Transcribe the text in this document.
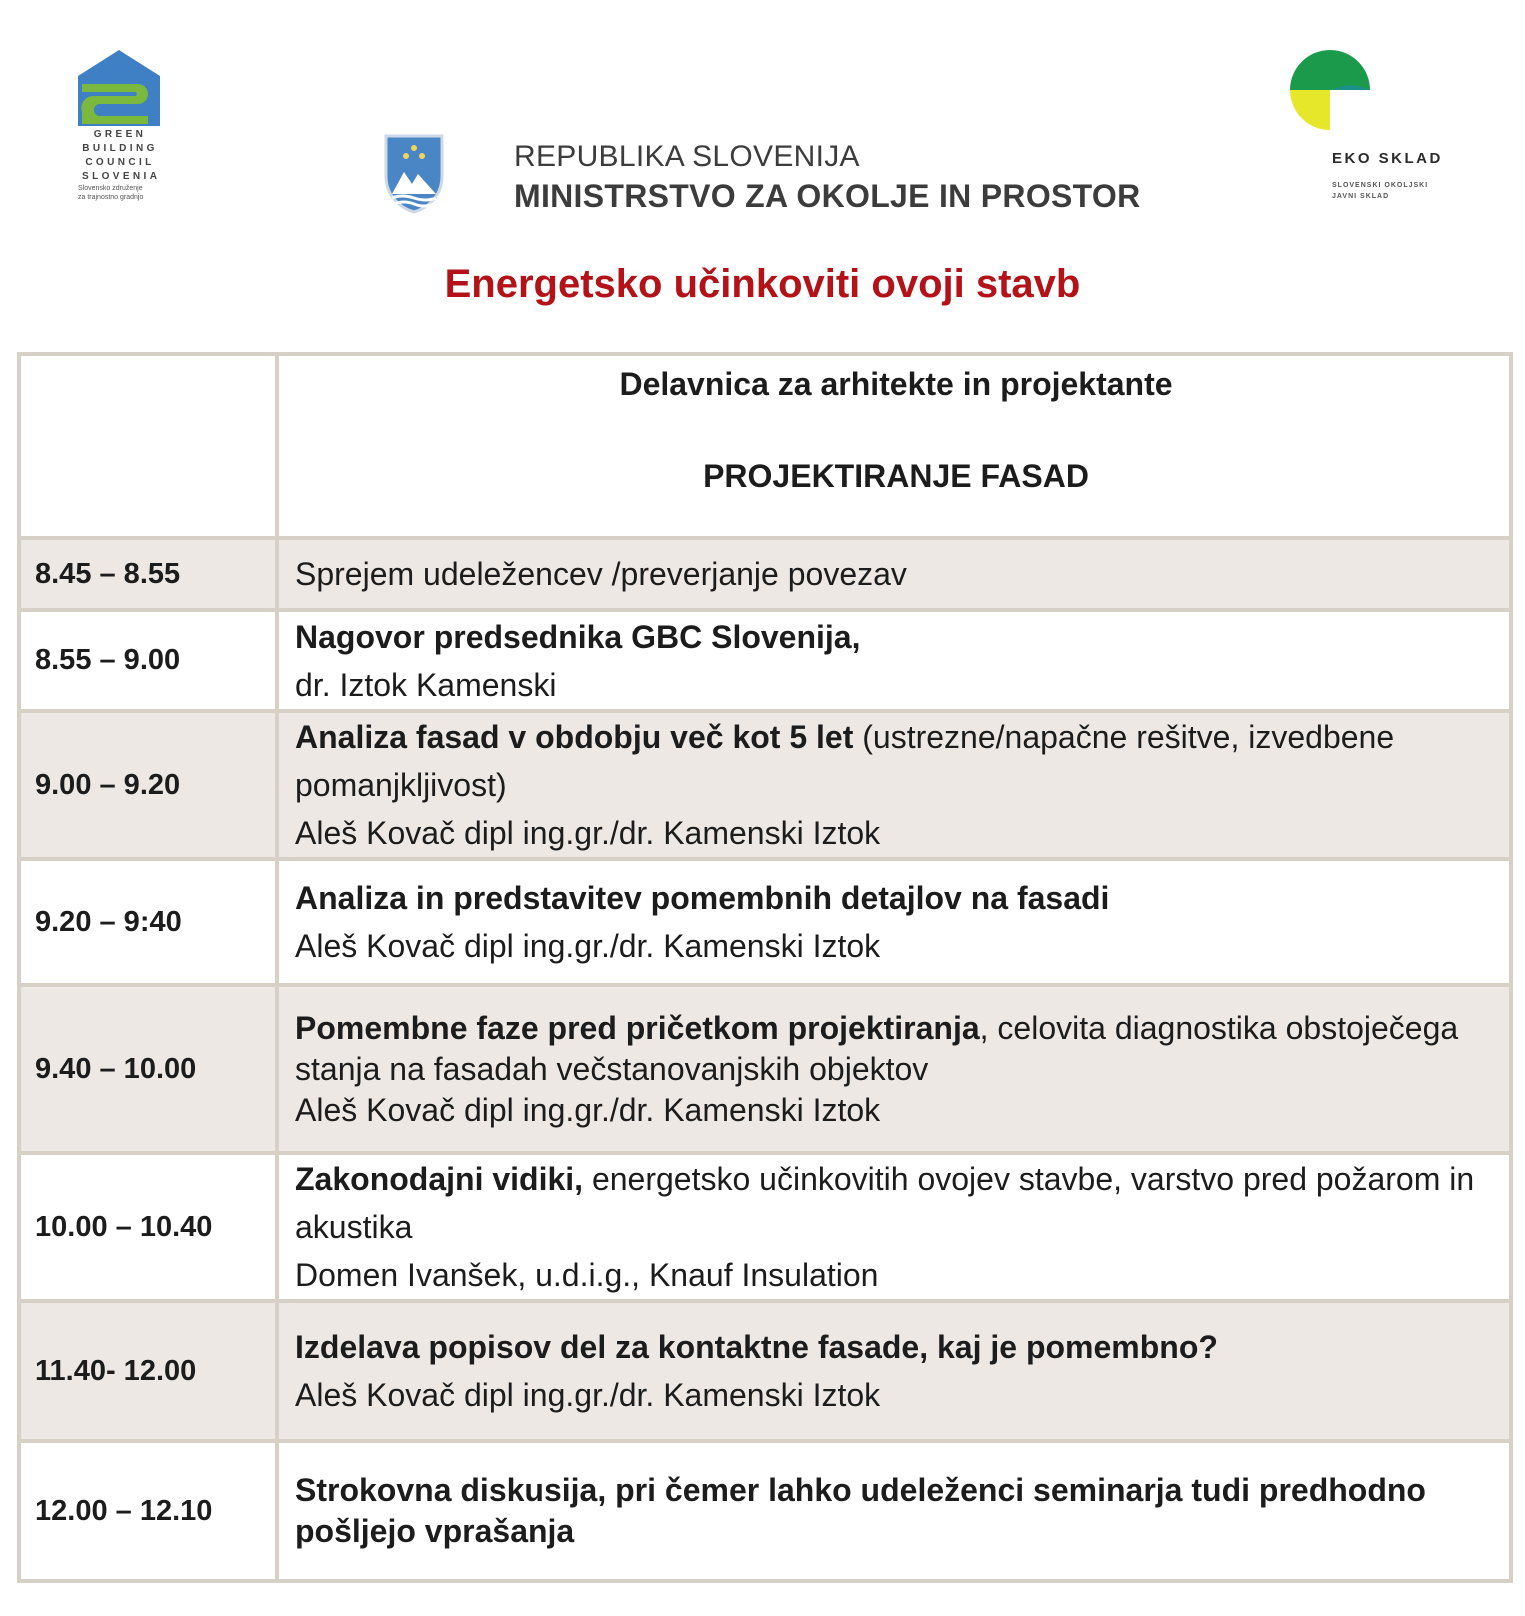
GREEN
BUILDING
COUNCIL
SLOVENIA
Slovensko združenje
za trajnostno gradnjo
REPUBLIKA SLOVENIJA
MINISTRSTVO ZA OKOLJE IN PROSTOR
EKO SKLAD
SLOVENSKI OKOLJSKI
JAVNI SKLAD
Energetsko učinkoviti ovoji stavb

	Delavnica za arhitekte in projektante
PROJEKTIRANJE FASAD

8.45 – 8.55	Sprejem udeležencev /preverjanje povezav
8.55 – 9.00	Nagovor predsednika GBC Slovenija,
dr. Iztok Kamenski

9.00 – 9.20	Analiza fasad v obdobju več kot 5 let (ustrezne/napačne rešitve, izvedbene pomanjkljivost)
Aleš Kovač dipl ing.gr./dr. Kamenski Iztok

9.20 – 9:40	Analiza in predstavitev pomembnih detajlov na fasadi
Aleš Kovač dipl ing.gr./dr. Kamenski Iztok

9.40 – 10.00	Pomembne faze pred pričetkom projektiranja, celovita diagnostika obstoječega stanja na fasadah večstanovanjskih objektov
Aleš Kovač dipl ing.gr./dr. Kamenski Iztok

10.00 – 10.40	Zakonodajni vidiki, energetsko učinkovitih ovojev stavbe, varstvo pred požarom in akustika
Domen Ivanšek, u.d.i.g., Knauf Insulation

11.40- 12.00	Izdelava popisov del za kontaktne fasade, kaj je pomembno?
Aleš Kovač dipl ing.gr./dr. Kamenski Iztok

12.00 – 12.10	Strokovna diskusija, pri čemer lahko udeleženci seminarja tudi predhodno pošljejo vprašanja
